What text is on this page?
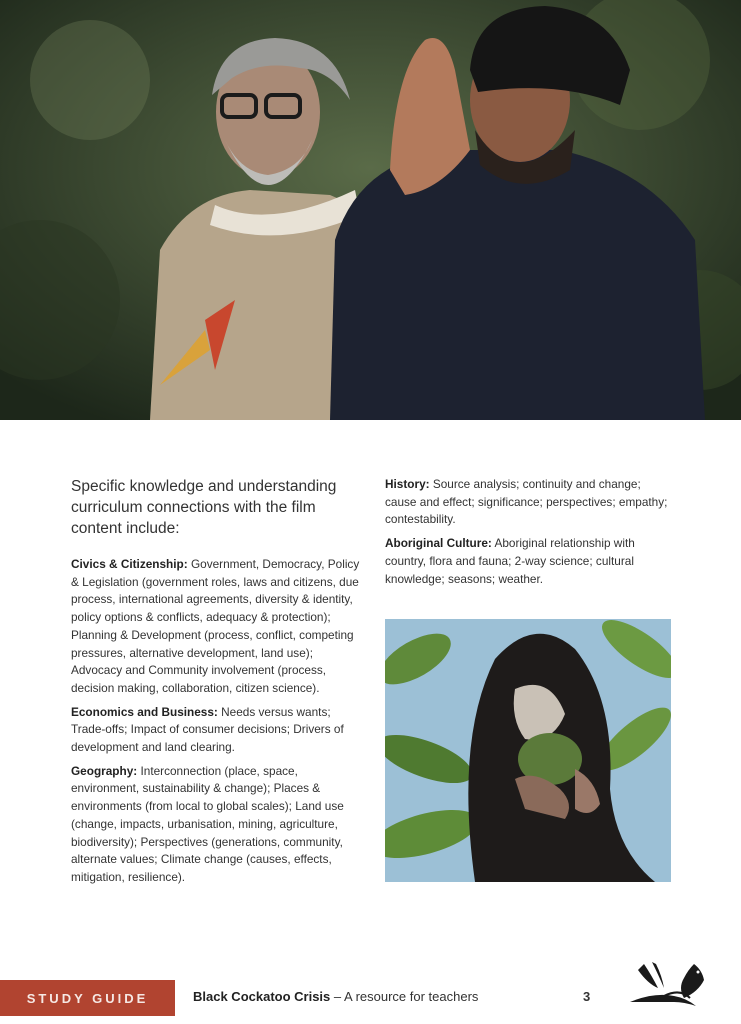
Specific knowledge and understanding curriculum connections with the film content include:

Civics & Citizenship: Government, Democracy, Policy & Legislation (government roles, laws and citizens, due process, international agreements, diversity & identity, policy options & conflicts, adequacy & protection); Planning & Development (process, conflict, competing pressures, alternative development, land use); Advocacy and Community involvement (process, decision making, collaboration, citizen science).

Economics and Business: Needs versus wants; Trade-offs; Impact of consumer decisions; Drivers of development and land clearing.

Geography: Interconnection (place, space, environment, sustainability & change); Places & environments (from local to global scales); Land use (change, impacts, urbanisation, mining, agriculture, biodiversity); Perspectives (generations, community, alternate values; Climate change (causes, effects, mitigation, resilience).

History: Source analysis; continuity and change; cause and effect; significance; perspectives; empathy; contestability.

Aboriginal Culture: Aboriginal relationship with country, flora and fauna; 2-way science; cultural knowledge; seasons; weather.

STUDY GUIDE	Black Cockatoo Crisis – A resource for teachers	3
